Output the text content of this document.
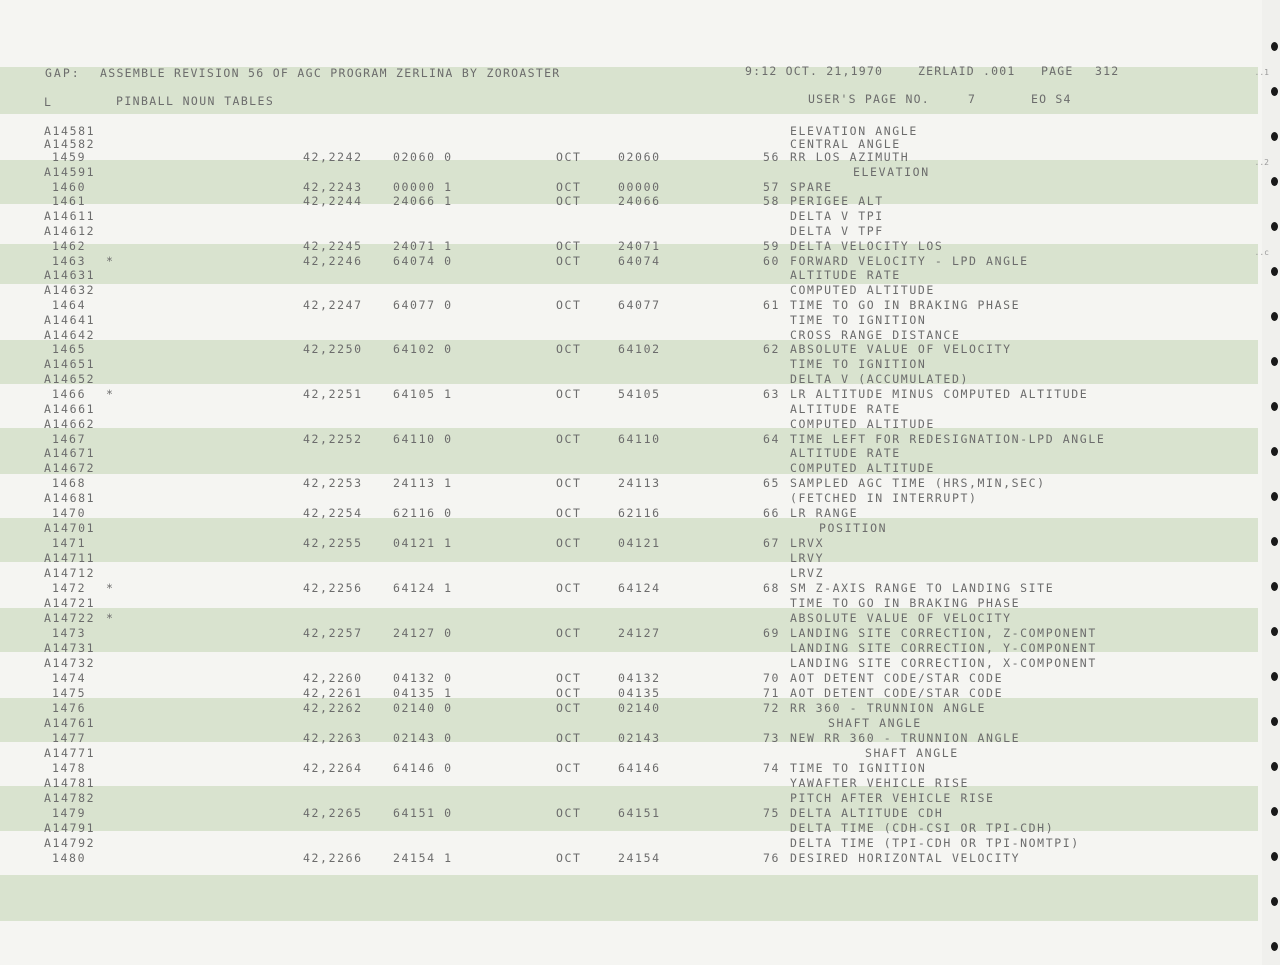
..1
..2
..c
GAP: ASSEMBLE REVISION 56 OF AGC PROGRAM ZERLINA BY ZOROASTER	9:12 OCT. 21,1970	ZERLAID .001 PAGE 312
L	PINBALL NOUN TABLES	USER'S PAGE NO.	7	EO S4
A14581	ELEVATION ANGLE
A14582	CENTRAL ANGLE
1459	42,2242	02060 0	OCT	02060	56 RR LOS AZIMUTH
A14591	ELEVATION
1460	42,2243	00000 1	OCT	00000	57 SPARE
1461	42,2244	24066 1	OCT	24066	58 PERIGEE ALT
A14611	DELTA V TPI
A14612	DELTA V TPF
1462	42,2245	24071 1	OCT	24071	59 DELTA VELOCITY LOS
1463 *	42,2246	64074 0	OCT	64074	60 FORWARD VELOCITY - LPD ANGLE
A14631	ALTITUDE RATE
A14632	COMPUTED ALTITUDE
1464	42,2247	64077 0	OCT	64077	61 TIME TO GO IN BRAKING PHASE
A14641	TIME TO IGNITION
A14642	CROSS RANGE DISTANCE
1465	42,2250	64102 0	OCT	64102	62 ABSOLUTE VALUE OF VELOCITY
A14651	TIME TO IGNITION
A14652	DELTA V (ACCUMULATED)
1466 *	42,2251	64105 1	OCT	54105	63 LR ALTITUDE MINUS COMPUTED ALTITUDE
A14661	ALTITUDE RATE
A14662	COMPUTED ALTITUDE
1467	42,2252	64110 0	OCT	64110	64 TIME LEFT FOR REDESIGNATION-LPD ANGLE
A14671	ALTITUDE RATE
A14672	COMPUTED ALTITUDE
1468	42,2253	24113 1	OCT	24113	65 SAMPLED AGC TIME (HRS,MIN,SEC)
A14681	(FETCHED IN INTERRUPT)
1470	42,2254	62116 0	OCT	62116	66 LR RANGE
A14701	POSITION
1471	42,2255	04121 1	OCT	04121	67 LRVX
A14711	LRVY
A14712	LRVZ
1472 *	42,2256	64124 1	OCT	64124	68 SM Z-AXIS RANGE TO LANDING SITE
A14721	TIME TO GO IN BRAKING PHASE
A14722 *	ABSOLUTE VALUE OF VELOCITY
1473	42,2257	24127 0	OCT	24127	69 LANDING SITE CORRECTION, Z-COMPONENT
A14731	LANDING SITE CORRECTION, Y-COMPONENT
A14732	LANDING SITE CORRECTION, X-COMPONENT
1474	42,2260	04132 0	OCT	04132	70 AOT DETENT CODE/STAR CODE
1475	42,2261	04135 1	OCT	04135	71 AOT DETENT CODE/STAR CODE
1476	42,2262	02140 0	OCT	02140	72 RR 360 - TRUNNION ANGLE
A14761	SHAFT ANGLE
1477	42,2263	02143 0	OCT	02143	73 NEW RR 360 - TRUNNION ANGLE
A14771	SHAFT ANGLE
1478	42,2264	64146 0	OCT	64146	74 TIME TO IGNITION
A14781	YAWAFTER VEHICLE RISE
A14782	PITCH AFTER VEHICLE RISE
1479	42,2265	64151 0	OCT	64151	75 DELTA ALTITUDE CDH
A14791	DELTA TIME (CDH-CSI OR TPI-CDH)
A14792	DELTA TIME (TPI-CDH OR TPI-NOMTPI)
1480	42,2266	24154 1	OCT	24154	76 DESIRED HORIZONTAL VELOCITY
